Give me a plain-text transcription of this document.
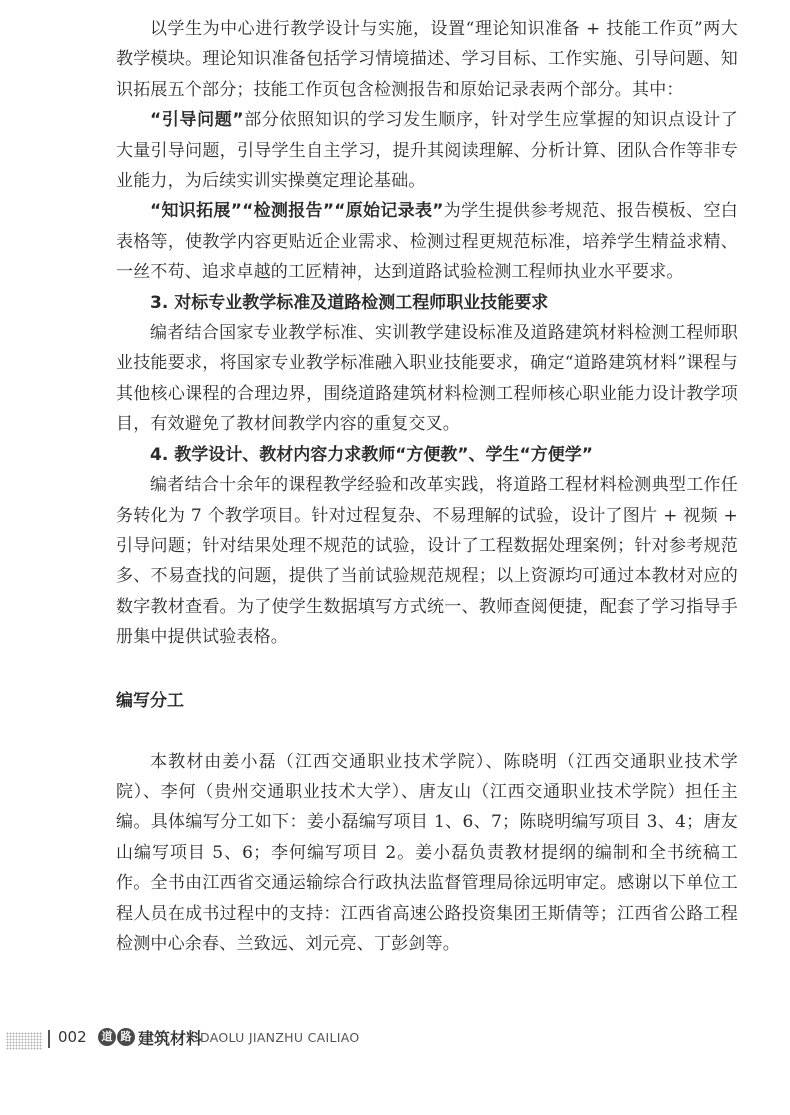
以学生为中心进行教学设计与实施，设置“理论知识准备 + 技能工作页”两大教学模块。理论知识准备包括学习情境描述、学习目标、工作实施、引导问题、知识拓展五个部分；技能工作页包含检测报告和原始记录表两个部分。其中：

“引导问题”部分依照知识的学习发生顺序，针对学生应掌握的知识点设计了大量引导问题，引导学生自主学习，提升其阅读理解、分析计算、团队合作等非专业能力，为后续实训实操奠定理论基础。

“知识拓展”“检测报告”“原始记录表”为学生提供参考规范、报告模板、空白表格等，使教学内容更贴近企业需求、检测过程更规范标准，培养学生精益求精、一丝不苟、追求卓越的工匠精神，达到道路试验检测工程师执业水平要求。

3. 对标专业教学标准及道路检测工程师职业技能要求

编者结合国家专业教学标准、实训教学建设标准及道路建筑材料检测工程师职业技能要求，将国家专业教学标准融入职业技能要求，确定“道路建筑材料”课程与其他核心课程的合理边界，围绕道路建筑材料检测工程师核心职业能力设计教学项目，有效避免了教材间教学内容的重复交叉。

4. 教学设计、教材内容力求教师“方便教”、学生“方便学”

编者结合十余年的课程教学经验和改革实践，将道路工程材料检测典型工作任务转化为 7 个教学项目。针对过程复杂、不易理解的试验，设计了图片 + 视频 + 引导问题；针对结果处理不规范的试验，设计了工程数据处理案例；针对参考规范多、不易查找的问题，提供了当前试验规范规程；以上资源均可通过本教材对应的数字教材查看。为了使学生数据填写方式统一、教师查阅便捷，配套了学习指导手册集中提供试验表格。

编写分工

本教材由姜小磊（江西交通职业技术学院）、陈晓明（江西交通职业技术学院）、李何（贵州交通职业技术大学）、唐友山（江西交通职业技术学院）担任主编。具体编写分工如下：姜小磊编写项目 1、6、7；陈晓明编写项目 3、4；唐友山编写项目 5、6；李何编写项目 2。姜小磊负责教材提纲的编制和全书统稿工作。全书由江西省交通运输综合行政执法监督管理局徐远明审定。感谢以下单位工程人员在成书过程中的支持：江西省高速公路投资集团王斯倩等；江西省公路工程检测中心余春、兰致远、刘元亮、丁彭剑等。

002	道 路 建筑材料
DAOLU JIANZHU CAILIAO
